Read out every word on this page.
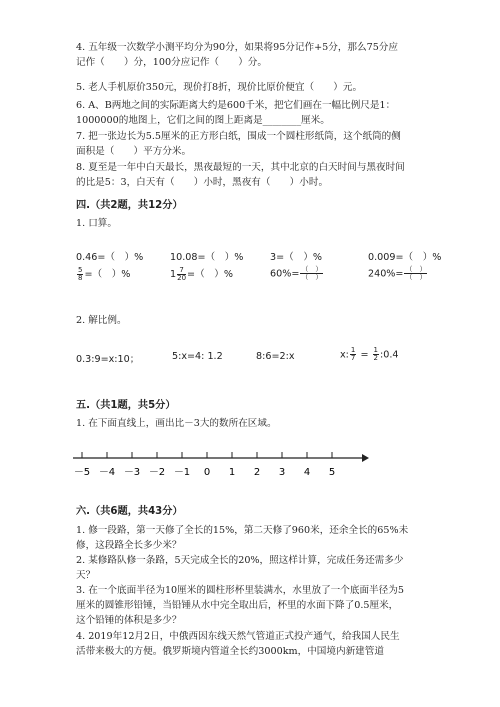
4. 五年级一次数学小测平均分为90分，如果将95分记作+5分，那么75分应
记作（　　）分，100分应记作（　　）分。
5. 老人手机原价350元，现价打8折，现价比原价便宜（　　）元。
6. A、B两地之间的实际距离大约是600千米，把它们画在一幅比例尺是1：
1000000的地图上，它们之间的图上距离是________厘米。
7. 把一张边长为5.5厘米的正方形白纸，围成一个圆柱形纸筒，这个纸筒的侧
面积是（　　）平方分米。
8. 夏至是一年中白天最长，黑夜最短的一天，其中北京的白天时间与黑夜时间
的比是5：3，白天有（　　）小时，黑夜有（　　）小时。
四.（共2题，共12分）
1. 口算。
0.46=（　）%	10.08=（　）%	3=（　）%	0.009=（　）%
$\frac{5}{8}$ =（　）%	$1 \frac{7}{20}$ =（　）%	$60\%= \frac{( )}{( )}$	$240\%= \frac{( )}{( )}$
2. 解比例。
0.3:9=x:10；	5:x=4: 1.2	8:6=2:x	x: $\frac{1}{7} = \frac{1}{2}$ :0.4
五.（共1题，共5分）
1. 在下面直线上，画出比－3大的数所在区域。
－5 －4 －3 －2 －1 0 1 2 3 4 5
六.（共6题，共43分）
1. 修一段路，第一天修了全长的15%，第二天修了960米，还余全长的65%未
修，这段路全长多少米？
2. 某修路队修一条路，5天完成全长的20%，照这样计算，完成任务还需多少
天？
3. 在一个底面半径为10厘米的圆柱形杯里装满水，水里放了一个底面半径为5
厘米的圆锥形铅锤，当铅锤从水中完全取出后，杯里的水面下降了0.5厘米，
这个铅锤的体积是多少？
4. 2019年12月2日，中俄西因东线天然气管道正式投产通气，给我国人民生
活带来极大的方便。俄罗斯境内管道全长约3000km，中国境内新建管道
